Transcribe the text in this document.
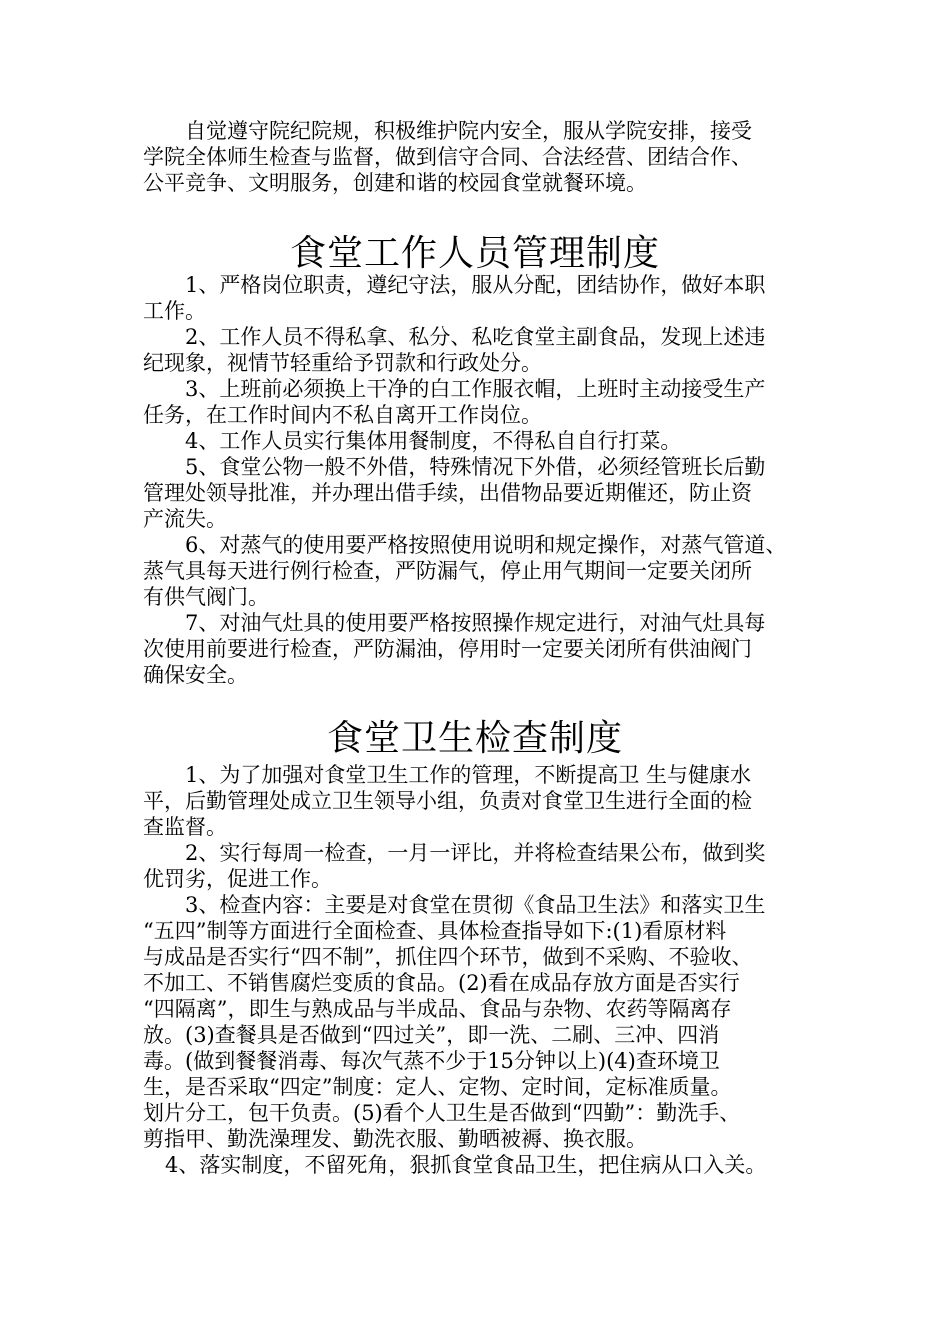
自觉遵守院纪院规，积极维护院内安全，服从学院安排，接受
学院全体师生检查与监督，做到信守合同、合法经营、团结合作、
公平竞争、文明服务，创建和谐的校园食堂就餐环境。

食堂工作人员管理制度

1、严格岗位职责，遵纪守法，服从分配，团结协作，做好本职
工作。

2、工作人员不得私拿、私分、私吃食堂主副食品，发现上述违
纪现象，视情节轻重给予罚款和行政处分。

3、上班前必须换上干净的白工作服衣帽，上班时主动接受生产
任务，在工作时间内不私自离开工作岗位。

4、工作人员实行集体用餐制度，不得私自自行打菜。

5、食堂公物一般不外借，特殊情况下外借，必须经管班长后勤
管理处领导批准，并办理出借手续，出借物品要近期催还，防止资
产流失。

6、对蒸气的使用要严格按照使用说明和规定操作，对蒸气管道、
蒸气具每天进行例行检查，严防漏气，停止用气期间一定要关闭所
有供气阀门。

7、对油气灶具的使用要严格按照操作规定进行，对油气灶具每
次使用前要进行检查，严防漏油，停用时一定要关闭所有供油阀门
确保安全。

食堂卫生检查制度

1、为了加强对食堂卫生工作的管理，不断提高卫 生与健康水
平，后勤管理处成立卫生领导小组，负责对食堂卫生进行全面的检
查监督。

2、实行每周一检查，一月一评比，并将检查结果公布，做到奖
优罚劣，促进工作。

3、检查内容：主要是对食堂在贯彻《食品卫生法》和落实卫生
“五四”制等方面进行全面检查、具体检查指导如下:(1)看原材料
与成品是否实行“四不制”，抓住四个环节，做到不采购、不验收、
不加工、不销售腐烂变质的食品。(2)看在成品存放方面是否实行
“四隔离”，即生与熟成品与半成品、食品与杂物、农药等隔离存
放。(3)查餐具是否做到“四过关”，即一洗、二刷、三冲、四消
毒。(做到餐餐消毒、每次气蒸不少于15分钟以上)(4)查环境卫
生，是否采取“四定”制度：定人、定物、定时间，定标准质量。
划片分工，包干负责。(5)看个人卫生是否做到“四勤”：勤洗手、
剪指甲、勤洗澡理发、勤洗衣服、勤晒被褥、换衣服。

4、落实制度，不留死角，狠抓食堂食品卫生，把住病从口入关。
